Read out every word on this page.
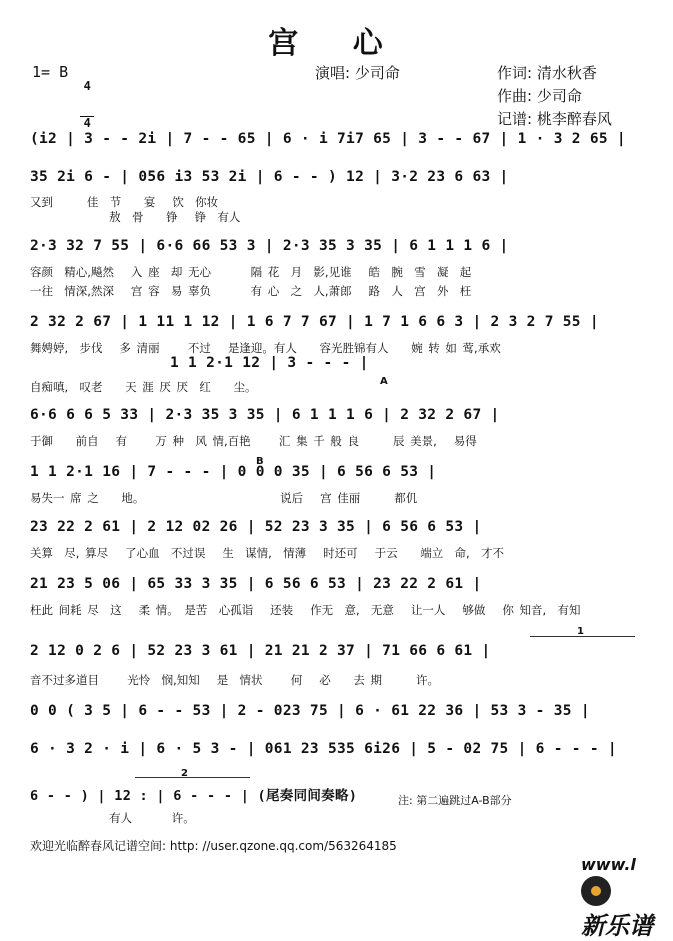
宫 心
1= B

4

4

演唱: 少司命	作词: 清水秋香
作曲: 少司命
记谱: 桃李醉春风
(i2 | 3 - - 2i | 7 - - 65 | 6 · i 7i7 65 | 3 - - 67 | 1 · 3 2 65 |
35 2i 6 - | 056 i3 53 2i | 6 - - ) 12 | 3·2 23 6 63 |
又到      佳  节    宴   饮  你妆
敖  骨    铮   铮  有人
2·3 32 7 55 | 6·6 66 53 3 | 2·3 35 3 35 | 6 1 1 1 6 |
容颜  精心,飚然   入 座  却 无心       隔 花  月  影,见谁   皓  腕  雪  凝  起
一往  情深,然深   宫 容  易 辜负       有 心  之  人,萧郎   路  人  宫  外  枉
2 32 2 67 | 1 11 1 12 | 1 6 7 7 67 | 1 7 1 6 6 3 | 2 3 2 7 55 |
舞娉婷,  步伐   多 清丽     不过   是逢迎。有人    容光胜锦有人    婉 转 如 莺,承欢
1 1 2·1 12 | 3 - - - |
自痴嗔,  叹老    天 涯 厌 厌  红    尘。	A
6·6 6 6 5 33 | 2·3 35 3 35 | 6 1 1 1 6 | 2 32 2 67 |
于御    前自   有     万 种  风 情,百艳     汇 集 千 般 良      辰 美景,   易得
1 1 2·1 16 | 7 - - - | 0 0 0 35 | 6 56 6 53 |
易失一 席 之    地。                        说后   宫 佳丽      都仉
B
23 22 2 61 | 2 12 02 26 | 52 23 3 35 | 6 56 6 53 |
关算  尽, 算尽   了心血  不过误   生  谋情,  情薄   时还可   于云    端立  命,  才不
21 23 5 06 | 65 33 3 35 | 6 56 6 53 | 23 22 2 61 |
枉此 间耗 尽  这   柔 情。 是苦  心孤诣   还装   作无  意,  无意   让一人   够做   你 知音,  有知
2 12 0 2 6 | 52 23 3 61 | 21 21 2 37 | 71 66 6 61 |
音不过多道目     光怜  悯,知知   是  情状     何   必    去 期      许。
1
0 0 ( 3 5 | 6 - - 53 | 2 - 023 75 | 6 · 61 22 36 | 53 3 - 35 |
6 · 3 2 · i | 6 · 5 3 - | 061 23 535 6i26 | 5 - 02 75 | 6 - - - |
6 - - ) | 12 : | 6 - - - | (尾奏同间奏略)
有人       许。
2
注: 第二遍跳过A-B部分
欢迎光临醉春风记谱空间: http: //user.qzone.qq.com/563264185

www.l

新乐谱
